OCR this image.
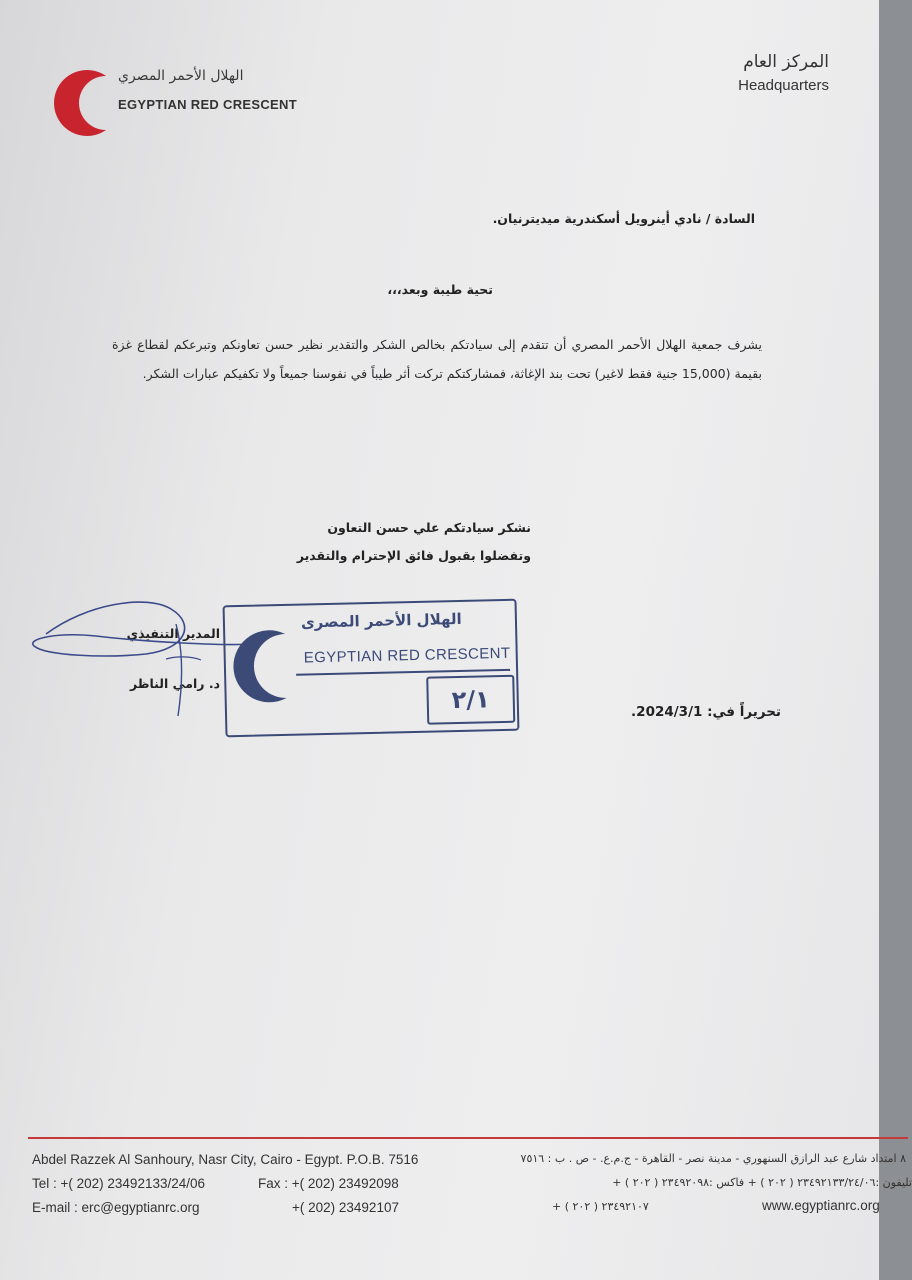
الهلال الأحمر المصري
EGYPTIAN RED CRESCENT
المركز العام
Headquarters
السادة / نادي أينرويل أسكندرية ميديترنيان.
تحية طيبة وبعد،،،
يشرف جمعية الهلال الأحمر المصري أن تتقدم إلى سيادتكم بخالص الشكر والتقدير نظير حسن تعاونكم وتبرعكم لقطاع غزة بقيمة (15,000 جنية فقط لاغير) تحت بند الإغاثة، فمشاركتكم تركت أثر طيباً في نفوسنا جميعاً ولا تكفيكم عبارات الشكر.
نشكر سيادتكم علي حسن التعاون
وتفضلوا بقبول فائق الإحترام والتقدير
المدير التنفيذي
د. رامي الناظر
الهلال الأحمر المصرى
EGYPTIAN RED CRESCENT
٢/١	تحريراً في: 2024/3/1.
Abdel Razzek Al Sanhoury, Nasr City, Cairo - Egypt. P.O.B. 7516
Tel : +( 202) 23492133/24/06	Fax : +( 202) 23492098
E-mail : erc@egyptianrc.org	+( 202) 23492107
٨ امتداد شارع عبد الرازق السنهوري - مدينة نصر - القاهرة - ج.م.ع. - ص . ب : ٧٥١٦
تليفون :٢٣٤٩٢١٣٣/٢٤/٠٦ ( ٢٠٢ ) + فاكس :٢٣٤٩٢٠٩٨ ( ٢٠٢ ) +
٢٣٤٩٢١٠٧ ( ٢٠٢ ) +	www.egyptianrc.org
